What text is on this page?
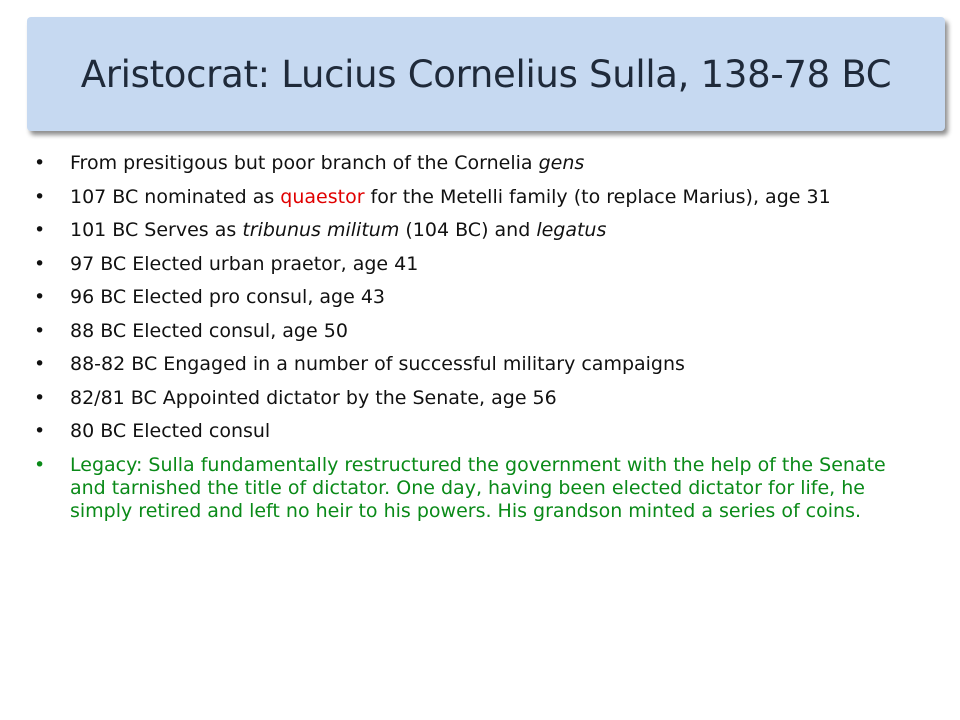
Aristocrat: Lucius Cornelius Sulla, 138-78 BC
• From presitigous but poor branch of the Cornelia gens
• 107 BC nominated as quaestor for the Metelli family (to replace Marius), age 31
• 101 BC Serves as tribunus militum (104 BC) and legatus
• 97 BC Elected urban praetor, age 41
• 96 BC Elected pro consul, age 43
• 88 BC Elected consul, age 50
• 88-82 BC Engaged in a number of successful military campaigns
• 82/81 BC Appointed dictator by the Senate, age 56
• 80 BC Elected consul
• Legacy: Sulla fundamentally restructured the government with the help of the Senate and tarnished the title of dictator. One day, having been elected dictator for life, he simply retired and left no heir to his powers. His grandson minted a series of coins.
